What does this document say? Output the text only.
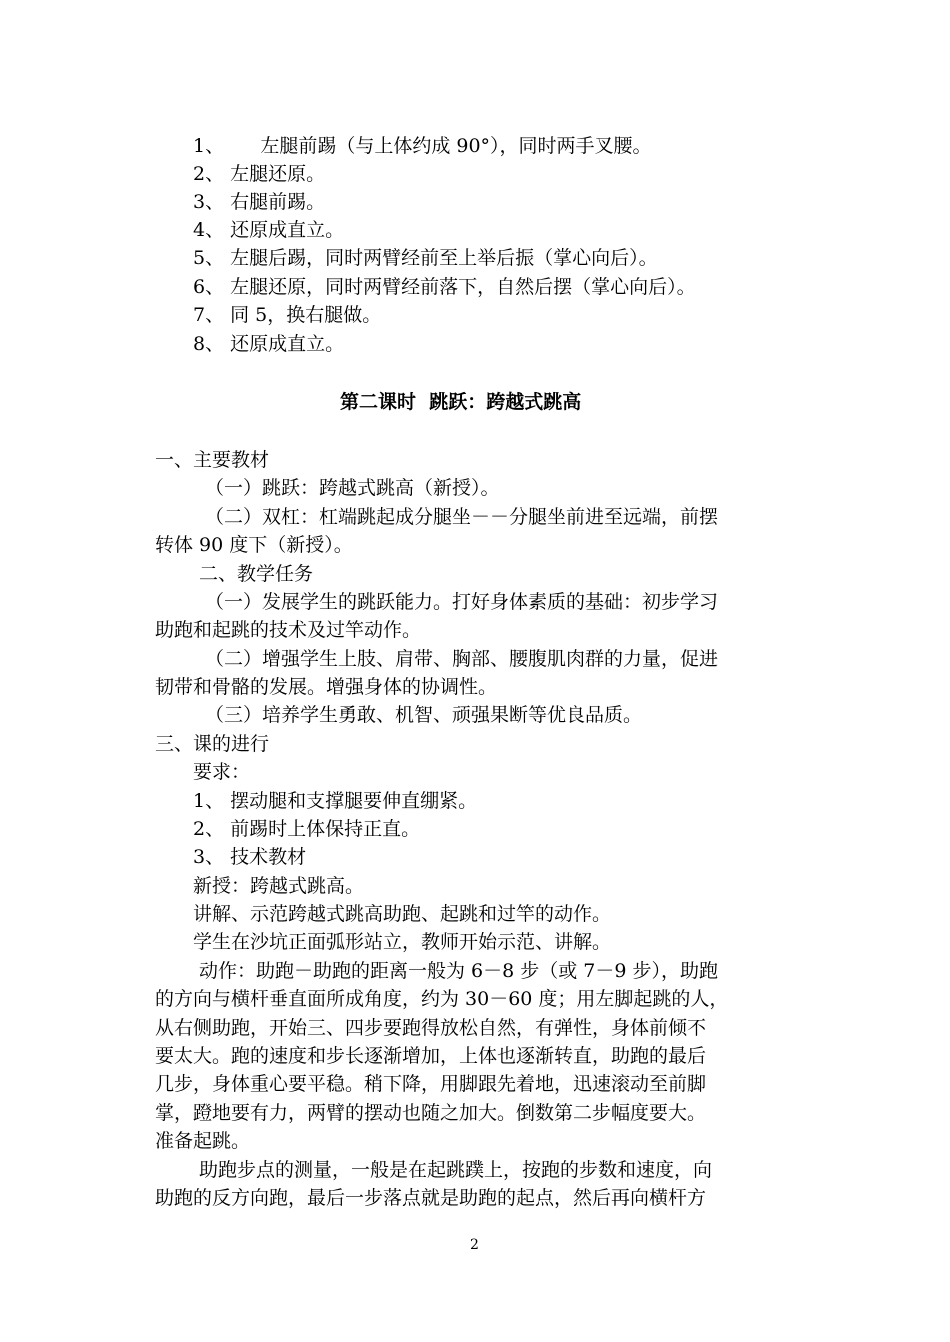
1、      左腿前踢（与上体约成 90°），同时两手叉腰。
2、 左腿还原。
3、 右腿前踢。
4、 还原成直立。
5、 左腿后踢，同时两臂经前至上举后振（掌心向后）。
6、 左腿还原，同时两臂经前落下，自然后摆（掌心向后）。
7、 同 5，换右腿做。
8、 还原成直立。
第二课时  跳跃：跨越式跳高
一、主要教材
（一）跳跃：跨越式跳高（新授）。
（二）双杠：杠端跳起成分腿坐－－分腿坐前进至远端，前摆
转体 90 度下（新授）。
二、教学任务
（一）发展学生的跳跃能力。打好身体素质的基础：初步学习
助跑和起跳的技术及过竿动作。
（二）增强学生上肢、肩带、胸部、腰腹肌肉群的力量，促进
韧带和骨骼的发展。增强身体的协调性。
（三）培养学生勇敢、机智、顽强果断等优良品质。
三、课的进行
要求：
1、 摆动腿和支撑腿要伸直绷紧。
2、 前踢时上体保持正直。
3、 技术教材
新授：跨越式跳高。
讲解、示范跨越式跳高助跑、起跳和过竿的动作。
学生在沙坑正面弧形站立，教师开始示范、讲解。
动作：助跑－助跑的距离一般为 6－8 步（或 7－9 步），助跑
的方向与横杆垂直面所成角度，约为 30－60 度；用左脚起跳的人，
从右侧助跑，开始三、四步要跑得放松自然，有弹性，身体前倾不
要太大。跑的速度和步长逐渐增加，上体也逐渐转直，助跑的最后
几步，身体重心要平稳。稍下降，用脚跟先着地，迅速滚动至前脚
掌，蹬地要有力，两臂的摆动也随之加大。倒数第二步幅度要大。
准备起跳。
助跑步点的测量，一般是在起跳蹼上，按跑的步数和速度，向
助跑的反方向跑，最后一步落点就是助跑的起点，然后再向横杆方
2
